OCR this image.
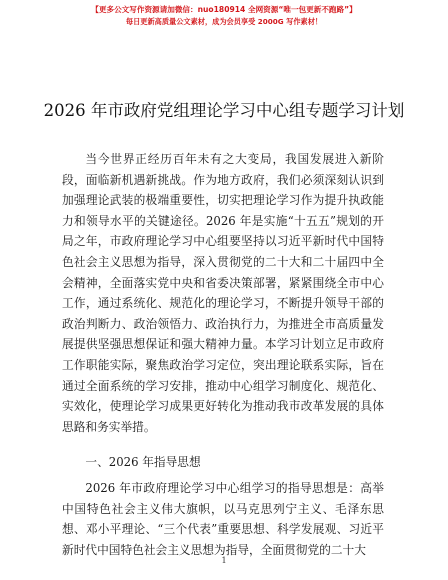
【更多公文写作资源请加微信：nuo180914 全网资源“唯一包更新不跑路”】
每日更新高质量公文素材，成为会员享受 2000G 写作素材！
2026 年市政府党组理论学习中心组专题学习计划

当今世界正经历百年未有之大变局，我国发展进入新阶段，面临新机遇新挑战。作为地方政府，我们必须深刻认识到加强理论武装的极端重要性，切实把理论学习作为提升执政能力和领导水平的关键途径。2026 年是实施“十五五”规划的开局之年，市政府理论学习中心组要坚持以习近平新时代中国特色社会主义思想为指导，深入贯彻党的二十大和二十届四中全会精神，全面落实党中央和省委决策部署，紧紧围绕全市中心工作，通过系统化、规范化的理论学习，不断提升领导干部的政治判断力、政治领悟力、政治执行力，为推进全市高质量发展提供坚强思想保证和强大精神力量。本学习计划立足市政府工作职能实际，聚焦政治学习定位，突出理论联系实际，旨在通过全面系统的学习安排，推动中心组学习制度化、规范化、实效化，使理论学习成果更好转化为推动我市改革发展的具体思路和务实举措。

一、2026 年指导思想

2026 年市政府理论学习中心组学习的指导思想是：高举中国特色社会主义伟大旗帜，以马克思列宁主义、毛泽东思想、邓小平理论、“三个代表”重要思想、科学发展观、习近平新时代中国特色社会主义思想为指导，全面贯彻党的二十大

1
